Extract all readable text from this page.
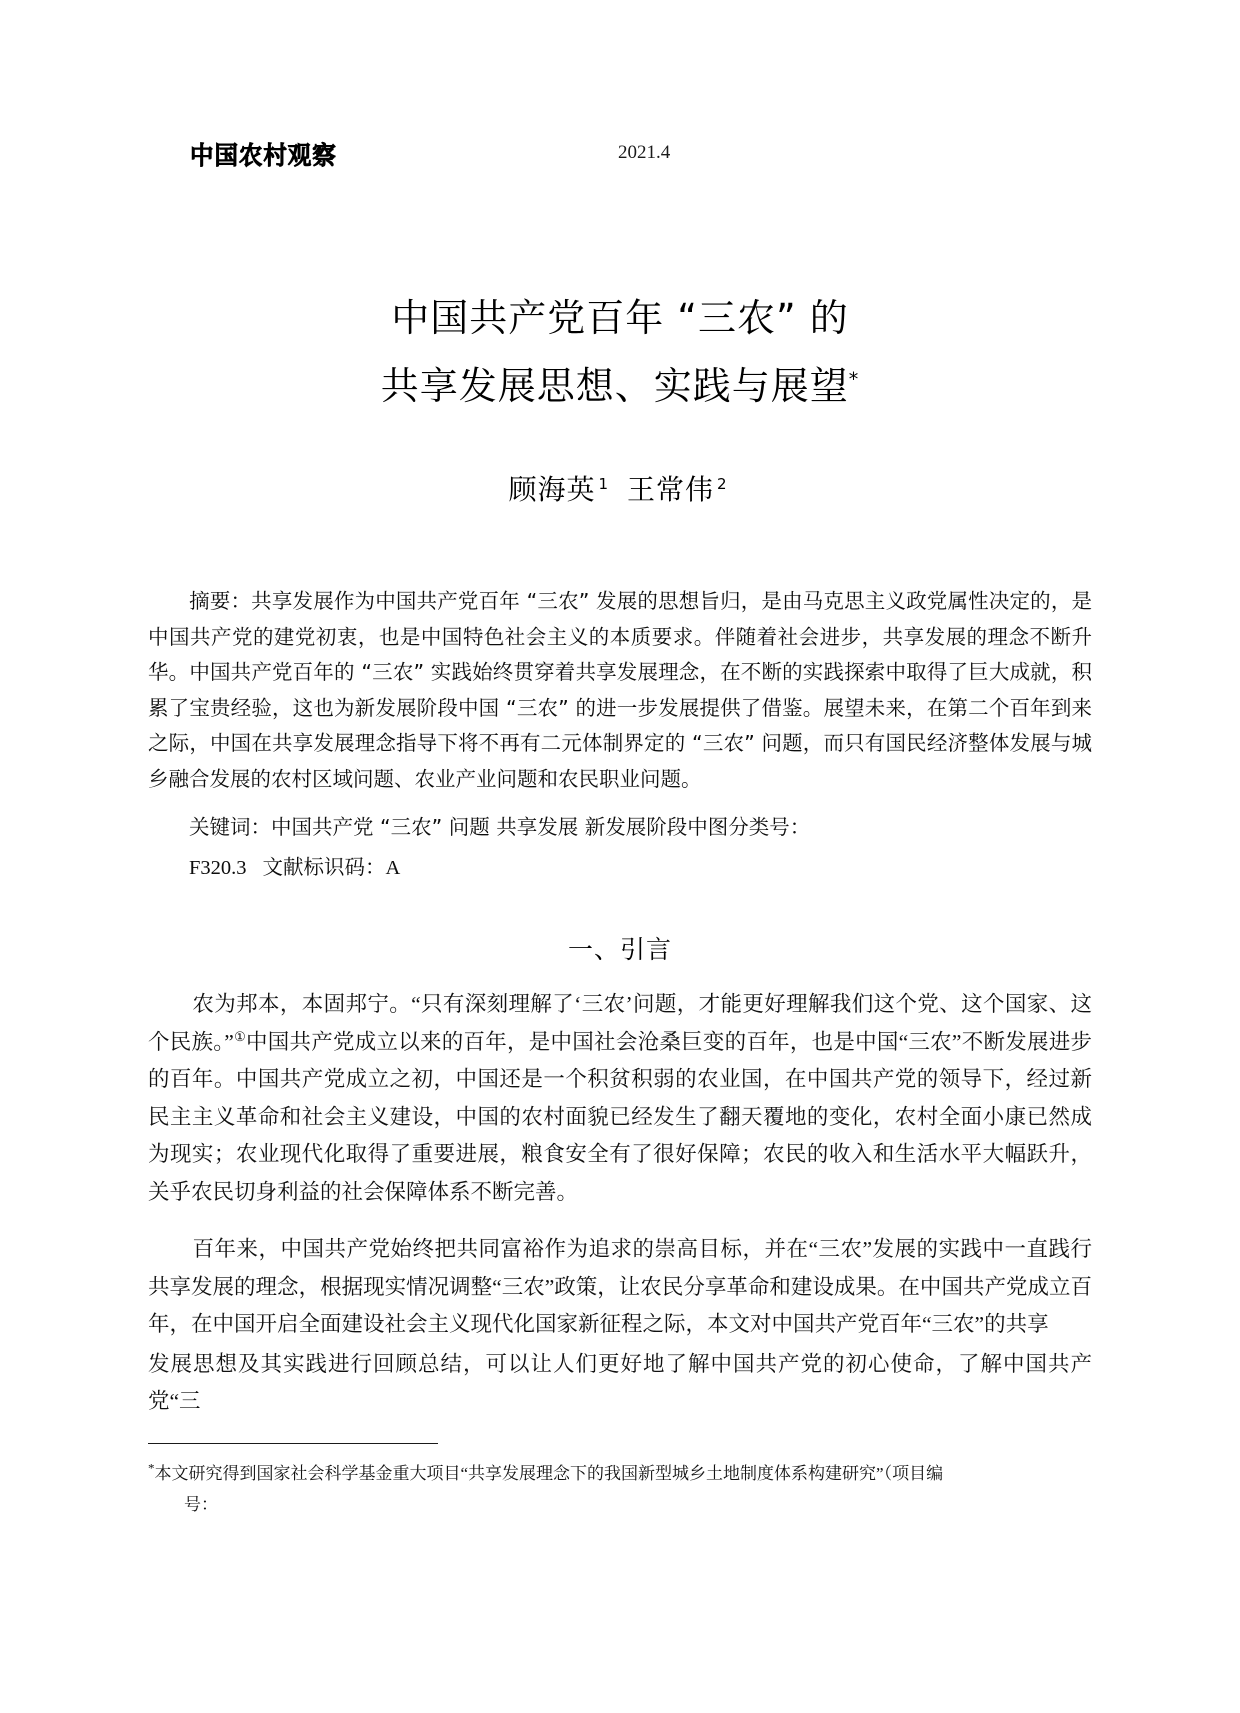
中国农村观察	2021.4
中国共产党百年 “三农” 的
共享发展思想、实践与展望*
顾海英 $^1$ 王常伟 $^2$
摘要：共享发展作为中国共产党百年 “三农” 发展的思想旨归，是由马克思主义政党属性决定的，是中国共产党的建党初衷，也是中国特色社会主义的本质要求。伴随着社会进步，共享发展的理念不断升华。中国共产党百年的 “三农” 实践始终贯穿着共享发展理念，在不断的实践探索中取得了巨大成就，积累了宝贵经验，这也为新发展阶段中国 “三农” 的进一步发展提供了借鉴。展望未来，在第二个百年到来之际，中国在共享发展理念指导下将不再有二元体制界定的 “三农” 问题，而只有国民经济整体发展与城乡融合发展的农村区域问题、农业产业问题和农民职业问题。
关键词：中国共产党 “三农” 问题 共享发展 新发展阶段中图分类号：
F320.3 文献标识码：A
一、引言
农为邦本，本固邦宁。“只有深刻理解了‘三农’问题，才能更好理解我们这个党、这个国家、这个民族。”①中国共产党成立以来的百年，是中国社会沧桑巨变的百年，也是中国“三农”不断发展进步的百年。中国共产党成立之初，中国还是一个积贫积弱的农业国，在中国共产党的领导下，经过新民主主义革命和社会主义建设，中国的农村面貌已经发生了翻天覆地的变化，农村全面小康已然成为现实；农业现代化取得了重要进展，粮食安全有了很好保障；农民的收入和生活水平大幅跃升，关乎农民切身利益的社会保障体系不断完善。
百年来，中国共产党始终把共同富裕作为追求的崇高目标，并在“三农”发展的实践中一直践行共享发展的理念，根据现实情况调整“三农”政策，让农民分享革命和建设成果。在中国共产党成立百年，在中国开启全面建设社会主义现代化国家新征程之际，本文对中国共产党百年“三农”的共享
发展思想及其实践进行回顾总结，可以让人们更好地了解中国共产党的初心使命，了解中国共产党“三
*本文研究得到国家社会科学基金重大项目“共享发展理念下的我国新型城乡土地制度体系构建研究”（项目编
号：
